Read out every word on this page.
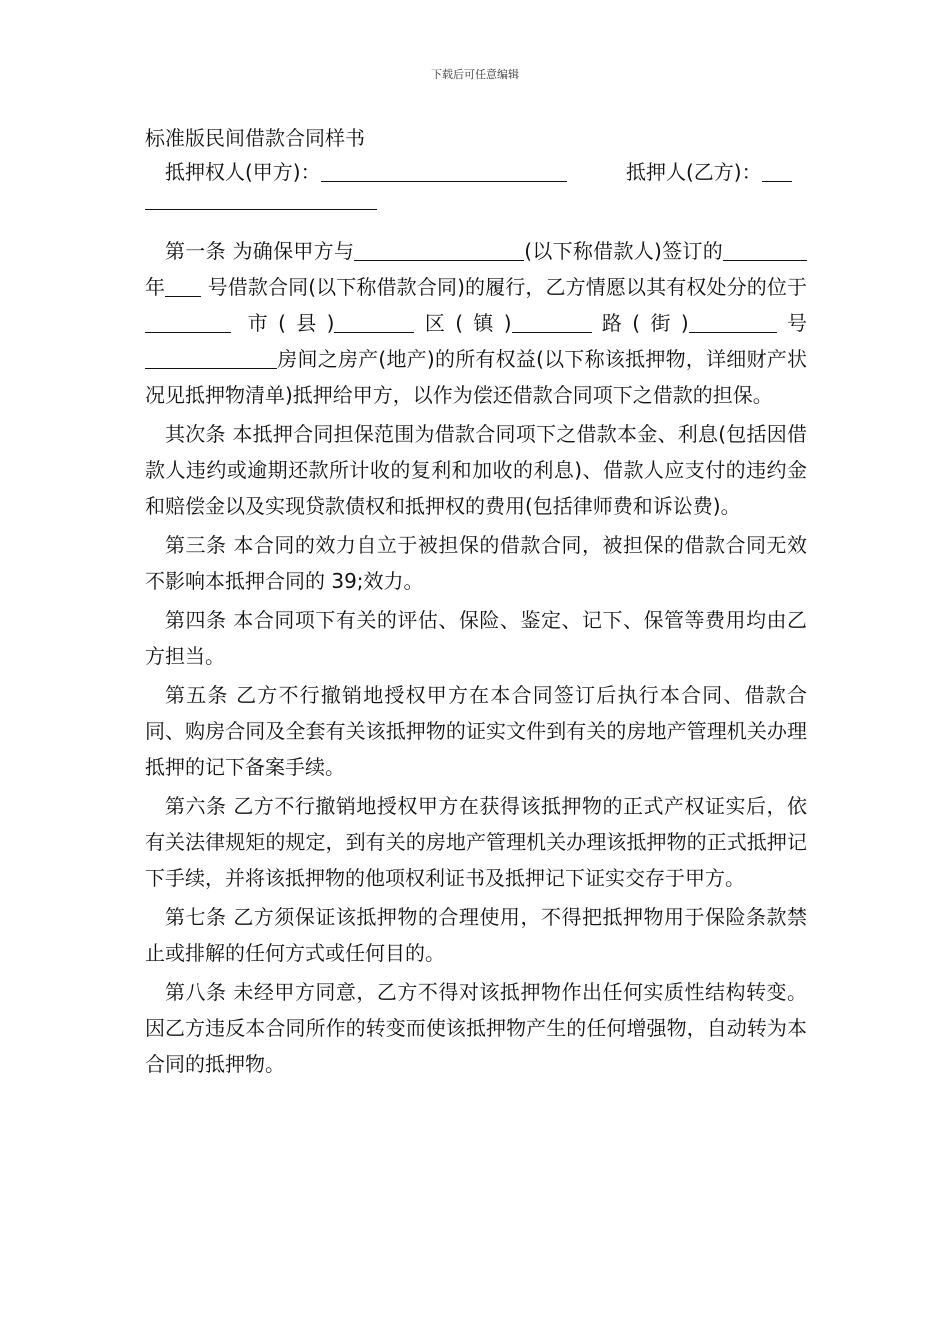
下载后可任意编辑
标准版民间借款合同样书
抵押权人(甲方)：	抵押人(乙方)：

第一条 为确保甲方与	(以下称借款人)签订的年 号借款合同(以下称借款合同)的履行，乙方情愿以其有权处分的位于 市(县)	区(镇)	路(街)	号 房间之房产(地产)的所有权益(以下称该抵押物，详细财产状况见抵押物清单)抵押给甲方，以作为偿还借款合同项下之借款的担保。

其次条 本抵押合同担保范围为借款合同项下之借款本金、利息(包括因借款人违约或逾期还款所计收的复利和加收的利息)、借款人应支付的违约金和赔偿金以及实现贷款债权和抵押权的费用(包括律师费和诉讼费)。

第三条 本合同的效力自立于被担保的借款合同，被担保的借款合同无效不影响本抵押合同的 39;效力。

第四条 本合同项下有关的评估、保险、鉴定、记下、保管等费用均由乙方担当。

第五条 乙方不行撤销地授权甲方在本合同签订后执行本合同、借款合同、购房合同及全套有关该抵押物的证实文件到有关的房地产管理机关办理抵押的记下备案手续。

第六条 乙方不行撤销地授权甲方在获得该抵押物的正式产权证实后，依有关法律规矩的规定，到有关的房地产管理机关办理该抵押物的正式抵押记下手续，并将该抵押物的他项权利证书及抵押记下证实交存于甲方。

第七条 乙方须保证该抵押物的合理使用，不得把抵押物用于保险条款禁止或排解的任何方式或任何目的。

第八条 未经甲方同意，乙方不得对该抵押物作出任何实质性结构转变。因乙方违反本合同所作的转变而使该抵押物产生的任何增强物，自动转为本合同的抵押物。
